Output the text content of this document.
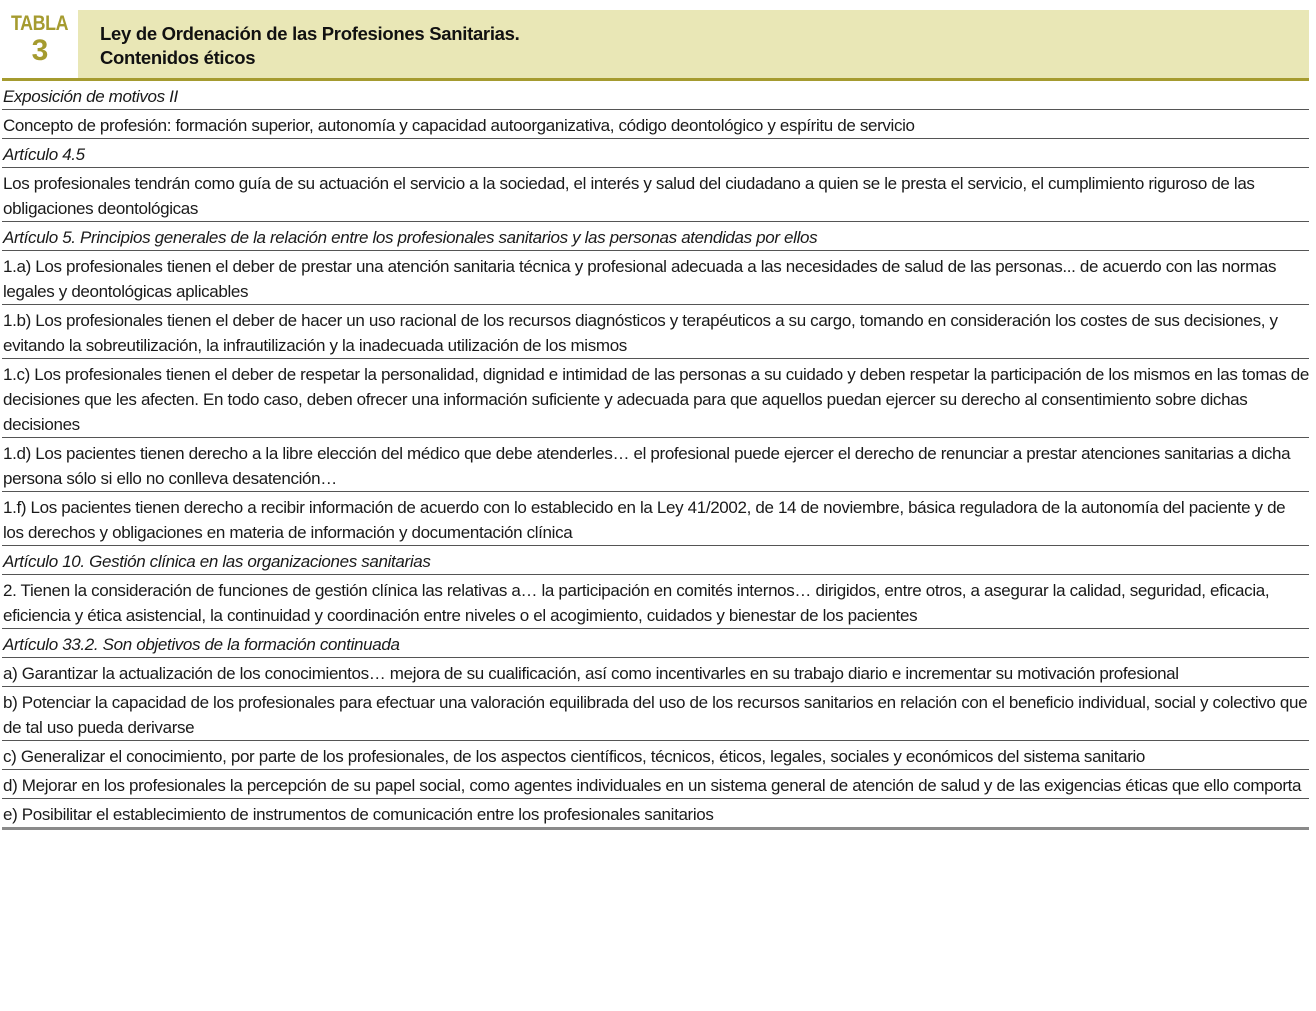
TABLA
3
Ley de Ordenación de las Profesiones Sanitarias.
Contenidos éticos
Exposición de motivos II
Concepto de profesión: formación superior, autonomía y capacidad autoorganizativa, código deontológico y espíritu de servicio
Artículo 4.5
Los profesionales tendrán como guía de su actuación el servicio a la sociedad, el interés y salud del ciudadano a quien se le presta el servicio, el cumplimiento riguroso de las obligaciones deontológicas
Artículo 5. Principios generales de la relación entre los profesionales sanitarios y las personas atendidas por ellos
1.a) Los profesionales tienen el deber de prestar una atención sanitaria técnica y profesional adecuada a las necesidades de salud de las personas... de acuerdo con las normas legales y deontológicas aplicables
1.b) Los profesionales tienen el deber de hacer un uso racional de los recursos diagnósticos y terapéuticos a su cargo, tomando en consideración los costes de sus decisiones, y evitando la sobreutilización, la infrautilización y la inadecuada utilización de los mismos
1.c) Los profesionales tienen el deber de respetar la personalidad, dignidad e intimidad de las personas a su cuidado y deben respetar la participación de los mismos en las tomas de decisiones que les afecten. En todo caso, deben ofrecer una información suficiente y adecuada para que aquellos puedan ejercer su derecho al consentimiento sobre dichas decisiones
1.d) Los pacientes tienen derecho a la libre elección del médico que debe atenderles… el profesional puede ejercer el derecho de renunciar a prestar atenciones sanitarias a dicha persona sólo si ello no conlleva desatención…
1.f) Los pacientes tienen derecho a recibir información de acuerdo con lo establecido en la Ley 41/2002, de 14 de noviembre, básica reguladora de la autonomía del paciente y de los derechos y obligaciones en materia de información y documentación clínica
Artículo 10. Gestión clínica en las organizaciones sanitarias
2. Tienen la consideración de funciones de gestión clínica las relativas a… la participación en comités internos… dirigidos, entre otros, a asegurar la calidad, seguridad, eficacia, eficiencia y ética asistencial, la continuidad y coordinación entre niveles o el acogimiento, cuidados y bienestar de los pacientes
Artículo 33.2. Son objetivos de la formación continuada
a) Garantizar la actualización de los conocimientos… mejora de su cualificación, así como incentivarles en su trabajo diario e incrementar su motivación profesional
b) Potenciar la capacidad de los profesionales para efectuar una valoración equilibrada del uso de los recursos sanitarios en relación con el beneficio individual, social y colectivo que de tal uso pueda derivarse
c) Generalizar el conocimiento, por parte de los profesionales, de los aspectos científicos, técnicos, éticos, legales, sociales y económicos del sistema sanitario
d) Mejorar en los profesionales la percepción de su papel social, como agentes individuales en un sistema general de atención de salud y de las exigencias éticas que ello comporta
e) Posibilitar el establecimiento de instrumentos de comunicación entre los profesionales sanitarios
